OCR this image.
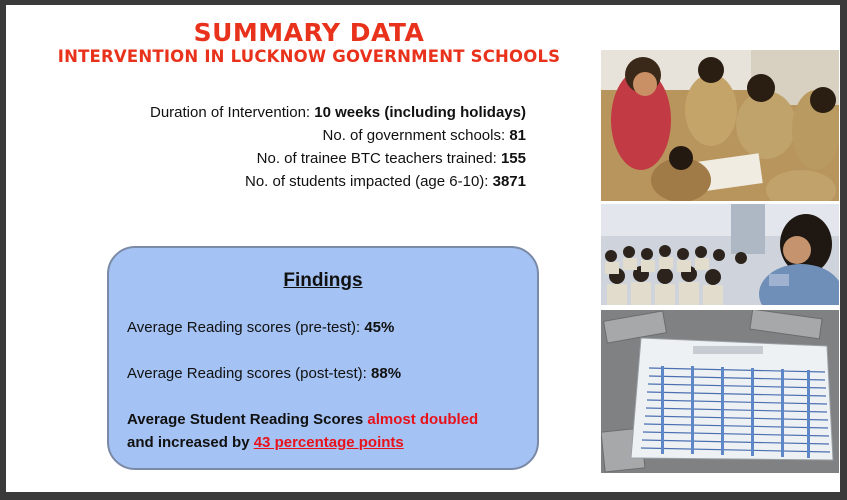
SUMMARY DATA
INTERVENTION IN LUCKNOW GOVERNMENT SCHOOLS
Duration of Intervention: 10 weeks (including holidays)
No. of government schools: 81
No. of trainee BTC teachers trained: 155
No. of students impacted (age 6-10): 3871
Findings
Average Reading scores (pre-test): 45%
Average Reading scores (post-test): 88%
Average Student Reading Scores almost doubled
and increased by 43 percentage points
